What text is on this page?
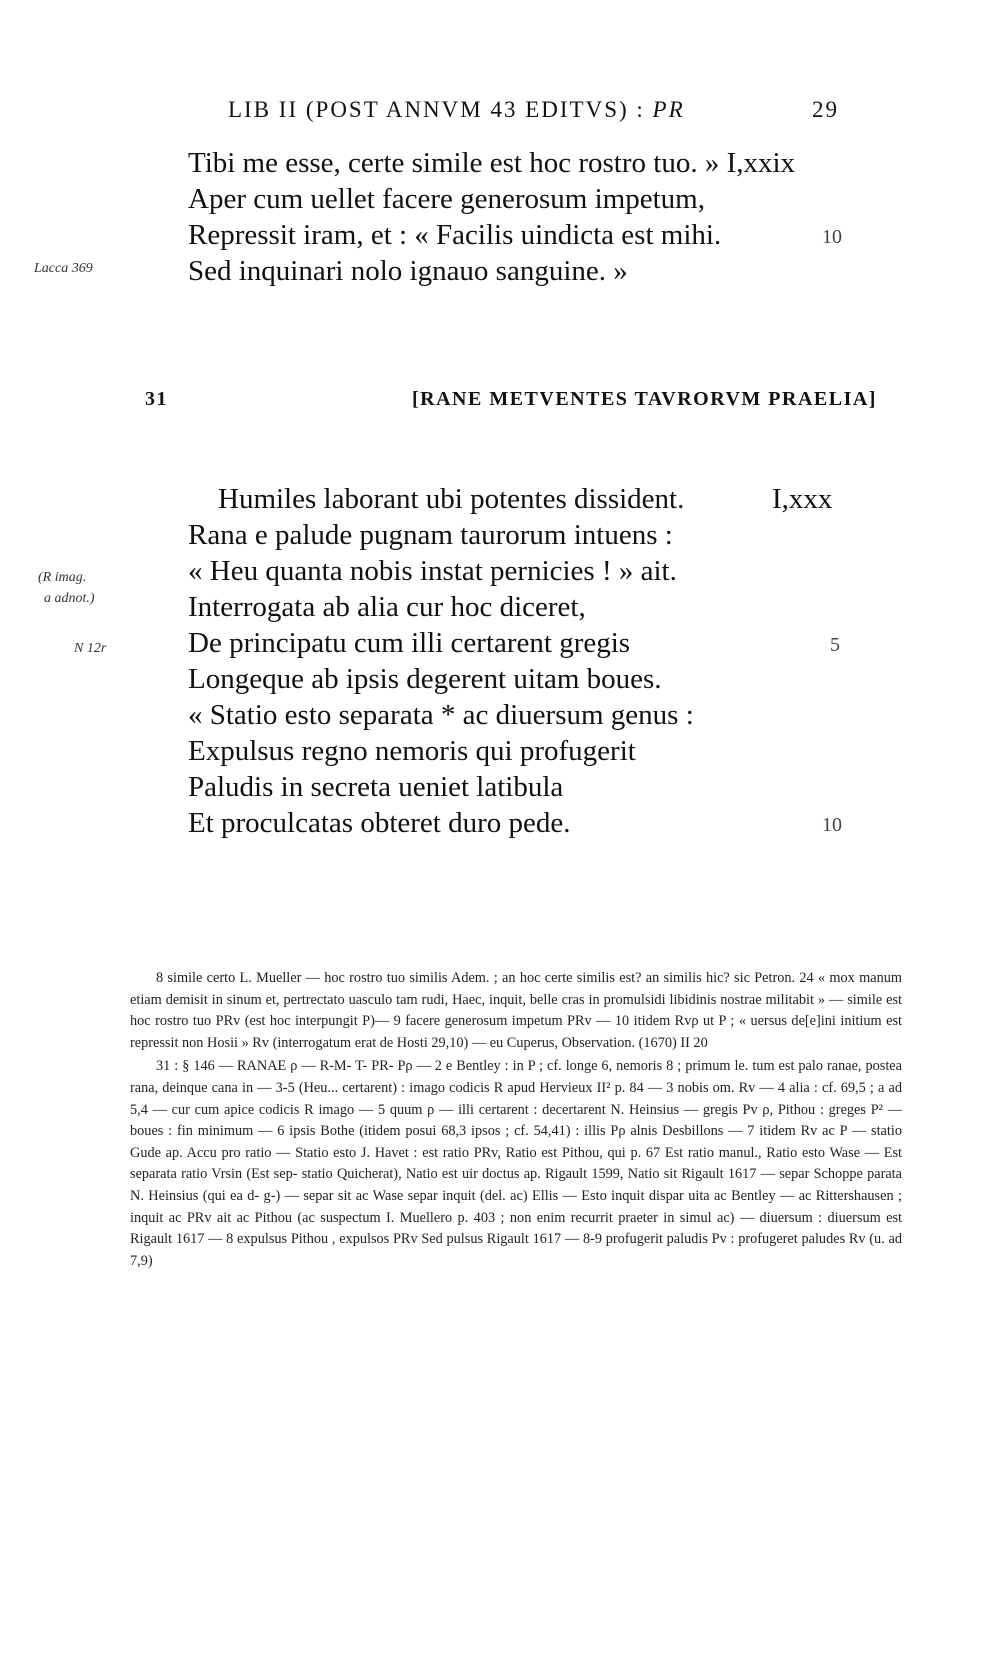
LIB II (POST ANNVM 43 EDITVS) : PR	29
Tibi me esse, certe simile est hoc rostro tuo. » I,xxix
Aper cum uellet facere generosum impetum,
Repressit iram, et : « Facilis uindicta est mihi.	10
Sed inquinari nolo ignauo sanguine. »
Lacca 369
31	[RANE METVENTES TAVRORVM PRAELIA]
Humiles laborant ubi potentes dissident.	I,xxx
Rana e palude pugnam taurorum intuens :
« Heu quanta nobis instat pernicies ! » ait.
Interrogata ab alia cur hoc diceret,
De principatu cum illi certarent gregis	5
Longeque ab ipsis degerent uitam boues.
« Statio esto separata * ac diuersum genus :
Expulsus regno nemoris qui profugerit
Paludis in secreta ueniet latibula
Et proculcatas obteret duro pede.	10
(R imag.
a adnot.)
N 12r

8 simile certo L. Mueller — hoc rostro tuo similis Adem. ; an hoc certe similis est? an similis hic? sic Petron. 24 « mox manum etiam demisit in sinum et, pertrectato uasculo tam rudi, Haec, inquit, belle cras in promulsidi libidinis nostrae militabit » — simile est hoc rostro tuo PRv (est hoc interpungit P)— 9 facere generosum impetum PRv — 10 itidem Rvρ ut P ; « uersus de[e]ini initium est repressit non Hosii » Rv (interrogatum erat de Hosti 29,10) — eu Cuperus, Observation. (1670) II 20

31 : § 146 — RANAE ρ — R-M- T- PR- Pρ — 2 e Bentley : in P ; cf. longe 6, nemoris 8 ; primum le. tum est palo ranae, postea rana, deinque cana in — 3-5 (Heu... certarent) : imago codicis R apud Hervieux II² p. 84 — 3 nobis om. Rv — 4 alia : cf. 69,5 ; a ad 5,4 — cur cum apice codicis R imago — 5 quum ρ — illi certarent : decertarent N. Heinsius — gregis Pv ρ, Pithou : greges P² — boues : fin minimum — 6 ipsis Bothe (itidem posui 68,3 ipsos ; cf. 54,41) : illis Pρ alnis Desbillons — 7 itidem Rv ac P — statio Gude ap. Accu pro ratio — Statio esto J. Havet : est ratio PRv, Ratio est Pithou, qui p. 67 Est ratio manul., Ratio esto Wase — Est separata ratio Vrsin (Est sep- statio Quicherat), Natio est uir doctus ap. Rigault 1599, Natio sit Rigault 1617 — separ Schoppe parata N. Heinsius (qui ea d- g-) — separ sit ac Wase separ inquit (del. ac) Ellis — Esto inquit dispar uita ac Bentley — ac Rittershausen ; inquit ac PRv ait ac Pithou (ac suspectum I. Muellero p. 403 ; non enim recurrit praeter in simul ac) — diuersum : diuersum est Rigault 1617 — 8 expulsus Pithou , expulsos PRv Sed pulsus Rigault 1617 — 8-9 profugerit paludis Pv : profugeret paludes Rv (u. ad 7,9)
